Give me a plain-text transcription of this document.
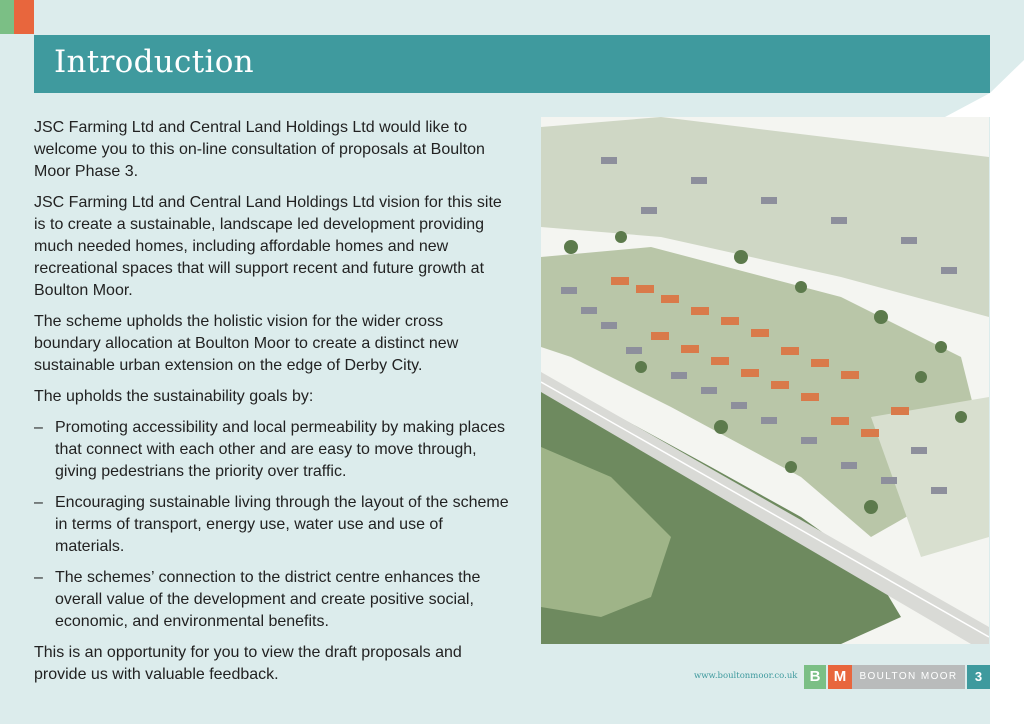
Introduction

JSC Farming Ltd and Central Land Holdings Ltd would like to welcome you to this on-line consultation of proposals at Boulton Moor Phase 3.

JSC Farming Ltd and Central Land Holdings Ltd vision for this site is to create a sustainable, landscape led development providing much needed homes, including affordable homes and new recreational spaces that will support recent and future growth at Boulton Moor.

The scheme upholds the holistic vision for the wider cross boundary allocation at Boulton Moor to create a distinct new sustainable urban extension on the edge of Derby City.

The upholds the sustainability goals by:

– Promoting accessibility and local permeability by making places that connect with each other and are easy to move through, giving pedestrians the priority over traffic.
– Encouraging sustainable living through the layout of the scheme in terms of transport, energy use, water use and use of materials.
– The schemes’ connection to the district centre enhances the overall value of the development and create positive social, economic, and environmental benefits.

This is an opportunity for you to view the draft proposals and provide us with valuable feedback.	www.boultonmoor.co.uk B M	BOULTON MOOR	3
